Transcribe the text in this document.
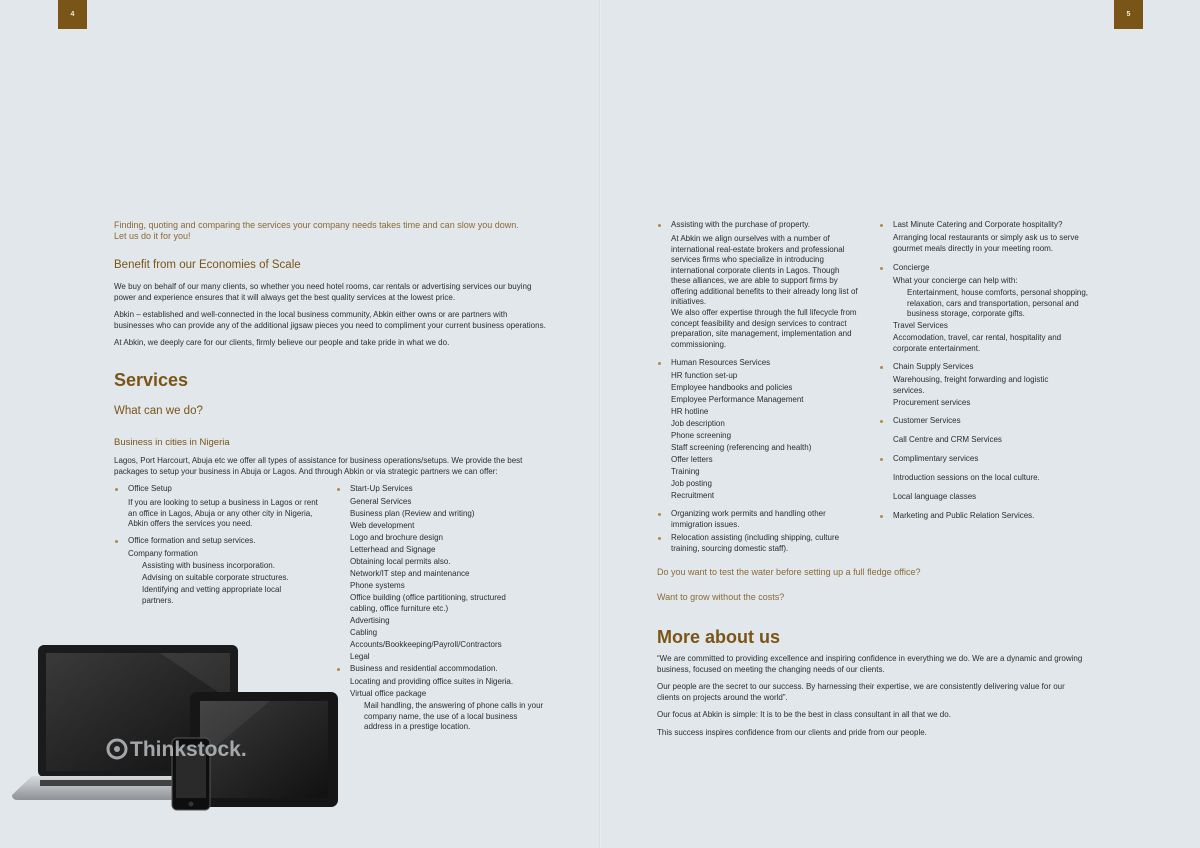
4
Finding, quoting and comparing the services your company needs takes time and can slow you down.
Let us do it for you!
Benefit from our Economies of Scale

We buy on behalf of our many clients, so whether you need hotel rooms, car rentals or advertising services our buying power and experience ensures that it will always get the best quality services at the lowest price.

Abkin – established and well-connected in the local business community, Abkin either owns or are partners with businesses who can provide any of the additional jigsaw pieces you need to compliment your current business operations.

At Abkin, we deeply care for our clients, firmly believe our people and take pride in what we do.

Services
What can we do?
Business in cities in Nigeria

Lagos, Port Harcourt, Abuja etc we offer all types of assistance for business operations/setups. We provide the best packages to setup your business in Abuja or Lagos. And through Abkin or via strategic partners we can offer:

Office Setup

If you are looking to setup a business in Lagos or rent an office in Lagos, Abuja or any other city in Nigeria, Abkin offers the services you need.

Office formation and setup services.
Company formation
Assisting with business incorporation.
Advising on suitable corporate structures.

Identifying and vetting appropriate local partners.

Start-Up Services
General Services
Business plan (Review and writing)
Web development
Logo and brochure design
Letterhead and Signage
Obtaining local permits also.
Network/IT step and maintenance
Phone systems

Office building (office partitioning, structured cabling, office furniture etc.)

Advertising
Cabling
Accounts/Bookkeeping/Payroll/Contractors
Legal
Business and residential accommodation.
Locating and providing office suites in Nigeria.
Virtual office package

Mail handling, the answering of phone calls in your company name, the use of a local business address in a prestige location.

Thinkstock.
5
Assisting with the purchase of property.

At Abkin we align ourselves with a number of international real-estate brokers and professional services firms who specialize in introducing international corporate clients in Lagos. Though these alliances, we are able to support firms by offering additional benefits to their already long list of initiatives.

We also offer expertise through the full lifecycle from concept feasibility and design services to contract preparation, site management, implementation and commissioning.

Human Resources Services
HR function set-up
Employee handbooks and policies
Employee Performance Management
HR hotline
Job description
Phone screening
Staff screening (referencing and health)
Offer letters
Training
Job posting
Recruitment

Organizing work permits and handling other immigration issues.

Relocation assisting (including shipping, culture training, sourcing domestic staff).

Last Minute Catering and Corporate hospitality?

Arranging local restaurants or simply ask us to serve gourmet meals directly in your meeting room.

Concierge
What your concierge can help with:

Entertainment, house comforts, personal shopping, relaxation, cars and transportation, personal and business storage, corporate gifts.

Travel Services

Accomodation, travel, car rental, hospitality and corporate entertainment.

Chain Supply Services

Warehousing, freight forwarding and logistic services.

Procurement services
Customer Services
Call Centre and CRM Services
Complimentary services
Introduction sessions on the local culture.
Local language classes
Marketing and Public Relation Services.
Do you want to test the water before setting up a full fledge office?
Want to grow without the costs?
More about us

“We are committed to providing excellence and inspiring confidence in everything we do. We are a dynamic and growing business, focused on meeting the changing needs of our clients.

Our people are the secret to our success. By harnessing their expertise, we are consistently delivering value for our clients on projects around the world”.

Our focus at Abkin is simple: It is to be the best in class consultant in all that we do.

This success inspires confidence from our clients and pride from our people.
